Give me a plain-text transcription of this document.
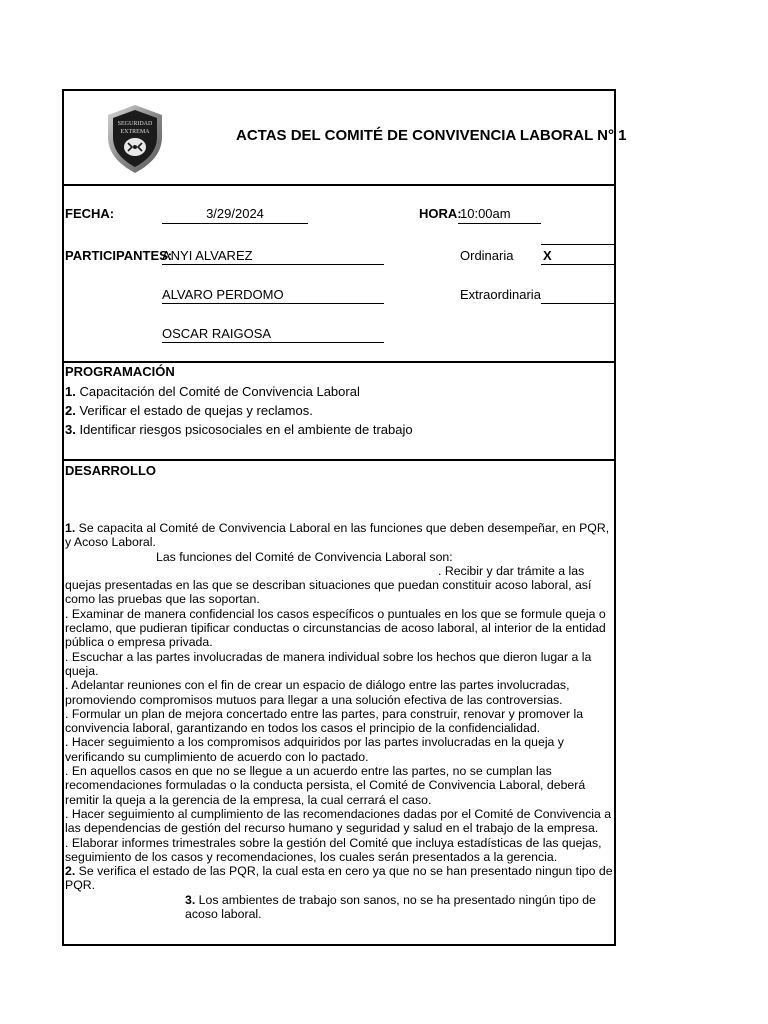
SEGURIDAD
EXTREMA	ACTAS DEL COMITÉ DE CONVIVENCIA LABORAL N° 1
FECHA:	3/29/2024	HORA:
10:00am
PARTICIPANTES:
ANYI ALVAREZ
ALVARO PERDOMO
OSCAR RAIGOSA
Ordinaria X
Extraordinaria
PROGRAMACIÓN
1. Capacitación del Comité de Convivencia Laboral
2. Verificar el estado de quejas y reclamos.
3. Identificar riesgos psicosociales en el ambiente de trabajo
DESARROLLO

1. Se capacita al Comité de Convivencia Laboral en las funciones que deben desempeñar, en PQR, y Acoso Laboral.

Las funciones del Comité de Convivencia Laboral son:

. Recibir y dar trámite a las

quejas presentadas en las que se describan situaciones que puedan constituir acoso laboral, así como las pruebas que las soportan.

. Examinar de manera confidencial los casos específicos o puntuales en los que se formule queja o reclamo, que pudieran tipificar conductas o circunstancias de acoso laboral, al interior de la entidad pública o empresa privada.

. Escuchar a las partes involucradas de manera individual sobre los hechos que dieron lugar a la queja.

. Adelantar reuniones con el fin de crear un espacio de diálogo entre las partes involucradas, promoviendo compromisos mutuos para llegar a una solución efectiva de las controversias.

. Formular un plan de mejora concertado entre las partes, para construir, renovar y promover la convivencia laboral, garantizando en todos los casos el principio de la confidencialidad.

. Hacer seguimiento a los compromisos adquiridos por las partes involucradas en la queja y verificando su cumplimiento de acuerdo con lo pactado.

. En aquellos casos en que no se llegue a un acuerdo entre las partes, no se cumplan las recomendaciones formuladas o la conducta persista, el Comité de Convivencia Laboral, deberá remitir la queja a la gerencia de la empresa, la cual cerrará el caso.

. Hacer seguimiento al cumplimiento de las recomendaciones dadas por el Comité de Convivencia a las dependencias de gestión del recurso humano y seguridad y salud en el trabajo de la empresa.

. Elaborar informes trimestrales sobre la gestión del Comité que incluya estadísticas de las quejas, seguimiento de los casos y recomendaciones, los cuales serán presentados a la gerencia.

2. Se verifica el estado de las PQR, la cual esta en cero ya que no se han presentado ningun tipo de PQR.

3. Los ambientes de trabajo son sanos, no se ha presentado ningún tipo de acoso laboral.
